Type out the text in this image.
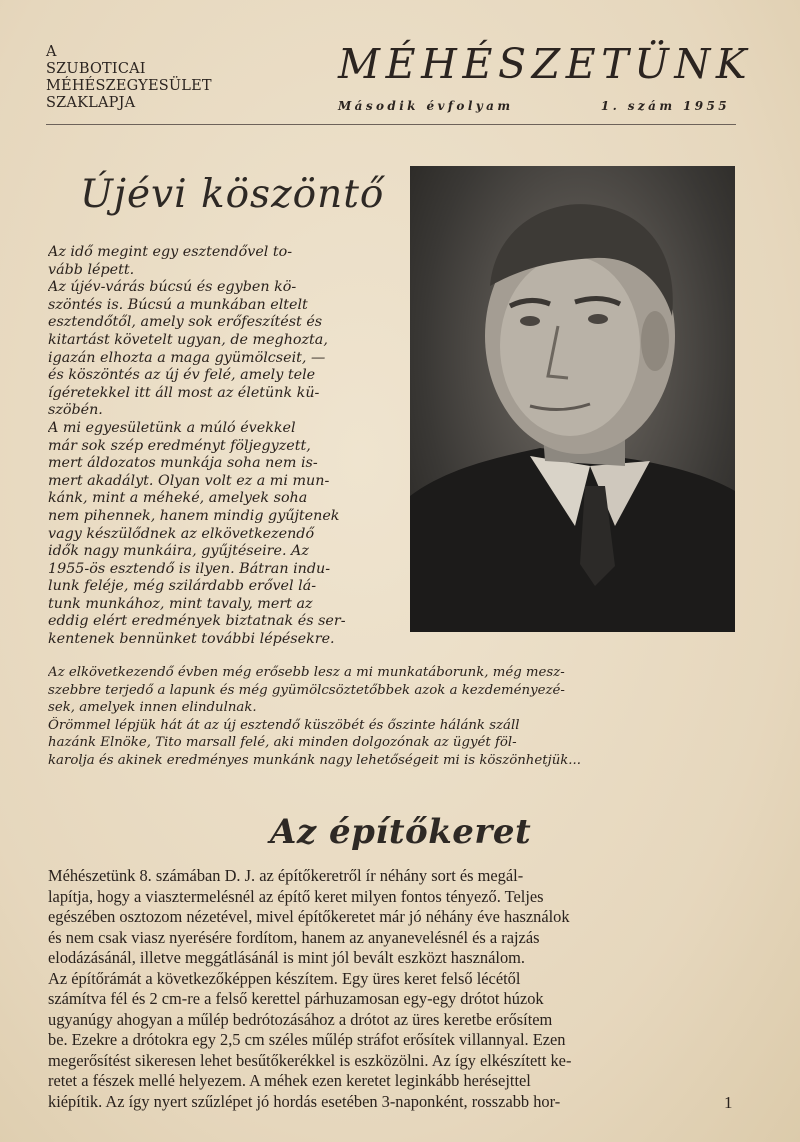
A
SZUBOTICAI
MÉHÉSZEGYESÜLET
SZAKLAPJA
MÉHÉSZETÜNK
Második évfolyam	1. szám 1955
Újévi köszöntő
Az idő megint egy esztendővel to-
vább lépett.
Az újév-várás búcsú és egyben kö-
szöntés is. Búcsú a munkában eltelt
esztendőtől, amely sok erőfeszítést és
kitartást követelt ugyan, de meghozta,
igazán elhozta a maga gyümölcseit, —
és köszöntés az új év felé, amely tele
ígéretekkel itt áll most az életünk kü-
szöbén.
A mi egyesületünk a múló évekkel
már sok szép eredményt följegyzett,
mert áldozatos munkája soha nem is-
mert akadályt. Olyan volt ez a mi mun-
kánk, mint a méheké, amelyek soha
nem pihennek, hanem mindig gyűjtenek
vagy készülődnek az elkövetkezendő
idők nagy munkáira, gyűjtéseire. Az
1955-ös esztendő is ilyen. Bátran indu-
lunk feléje, még szilárdabb erővel lá-
tunk munkához, mint tavaly, mert az
eddig elért eredmények biztatnak és ser-
kentenek bennünket további lépésekre.
Az elkövetkezendő évben még erősebb lesz a mi munkatáborunk, még mesz-
szebbre terjedő a lapunk és még gyümölcsöztetőbbek azok a kezdeményezé-
sek, amelyek innen elindulnak.
Örömmel lépjük hát át az új esztendő küszöbét és őszinte hálánk száll
hazánk Elnöke, Tito marsall felé, aki minden dolgozónak az ügyét föl-
karolja és akinek eredményes munkánk nagy lehetőségeit mi is köszönhetjük...
Az építőkeret
Méhészetünk 8. számában D. J. az építőkeretről ír néhány sort és megál-
lapítja, hogy a viasztermelésnél az építő keret milyen fontos tényező. Teljes
egészében osztozom nézetével, mivel építőkeretet már jó néhány éve használok
és nem csak viasz nyerésére fordítom, hanem az anyanevelésnél és a rajzás
elodázásánál, illetve meggátlásánál is mint jól bevált eszközt használom.
Az építőrámát a következőképpen készítem. Egy üres keret felső lécétől
számítva fél és 2 cm-re a felső kerettel párhuzamosan egy-egy drótot húzok
ugyanúgy ahogyan a műlép bedrótozásához a drótot az üres keretbe erősítem
be. Ezekre a drótokra egy 2,5 cm széles műlép stráfot erősítek villannyal. Ezen
megerősítést sikeresen lehet besűtőkerékkel is eszközölni. Az így elkészített ke-
retet a fészek mellé helyezem. A méhek ezen keretet leginkább herésejttel
kiépítik. Az így nyert szűzlépet jó hordás esetében 3-naponként, rosszabb hor-	1
